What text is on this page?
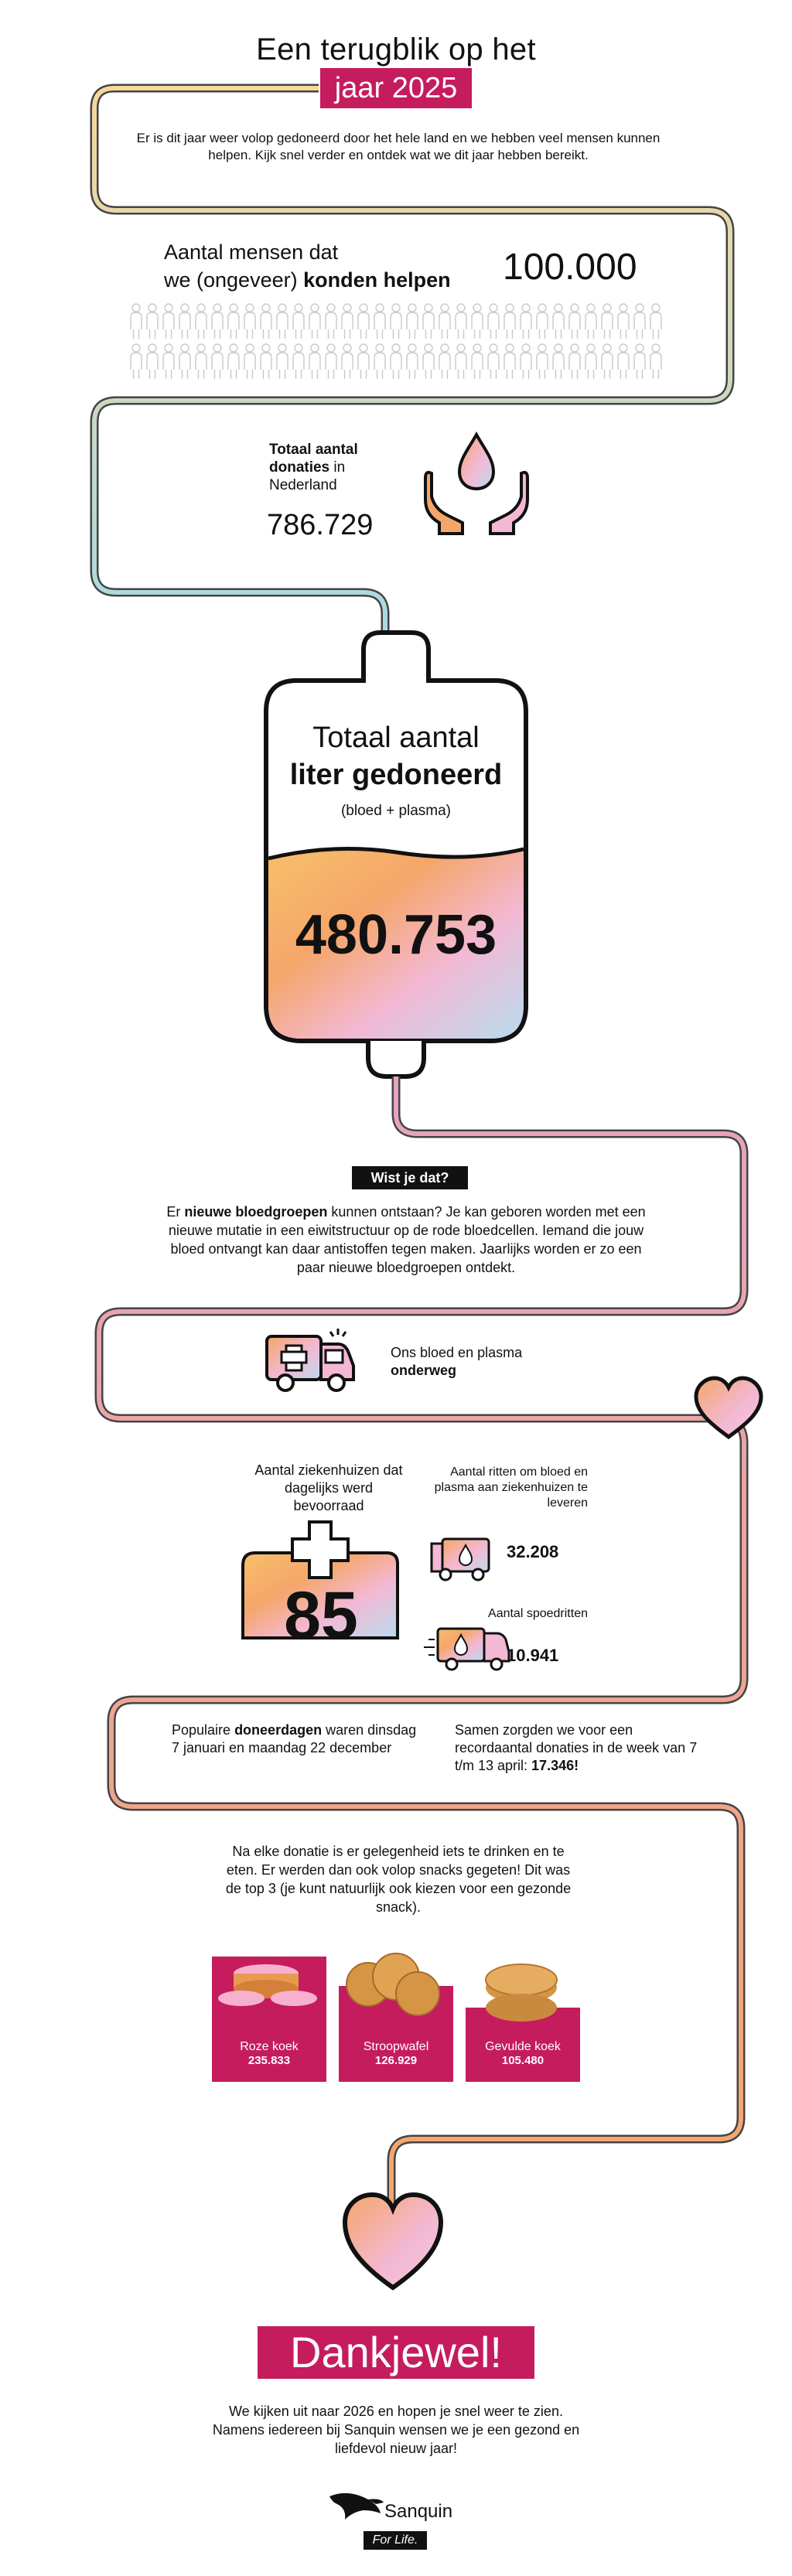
Een terugblik op het
jaar 2025
Er is dit jaar weer volop gedoneerd door het hele land en we hebben veel mensen kunnen helpen. Kijk snel verder en ontdek wat we dit jaar hebben bereikt.
Aantal mensen dat
we (ongeveer) konden helpen	100.000
Totaal aantal donaties in Nederland
786.729
Totaal aantal
liter gedoneerd
(bloed + plasma)
480.753
Wist je dat?
Er nieuwe bloedgroepen kunnen ontstaan? Je kan geboren worden met een nieuwe mutatie in een eiwitstructuur op de rode bloedcellen. Iemand die jouw bloed ontvangt kan daar antistoffen tegen maken. Jaarlijks worden er zo een paar nieuwe bloedgroepen ontdekt.
Ons bloed en plasma
onderweg
Aantal ziekenhuizen dat dagelijks werd bevoorraad
85
Aantal ritten om bloed en plasma aan ziekenhuizen te leveren
32.208
Aantal spoedritten
10.941
Populaire doneerdagen waren dinsdag 7 januari en maandag 22 december
Samen zorgden we voor een recordaantal donaties in de week van 7 t/m 13 april: 17.346!
Na elke donatie is er gelegenheid iets te drinken en te eten. Er werden dan ook volop snacks gegeten! Dit was de top 3 (je kunt natuurlijk ook kiezen voor een gezonde snack).
Roze koek
235.833
Stroopwafel
126.929
Gevulde koek
105.480
Dankjewel!
We kijken uit naar 2026 en hopen je snel weer te zien. Namens iedereen bij Sanquin wensen we je een gezond en liefdevol nieuw jaar!
Sanquin
For Life.
